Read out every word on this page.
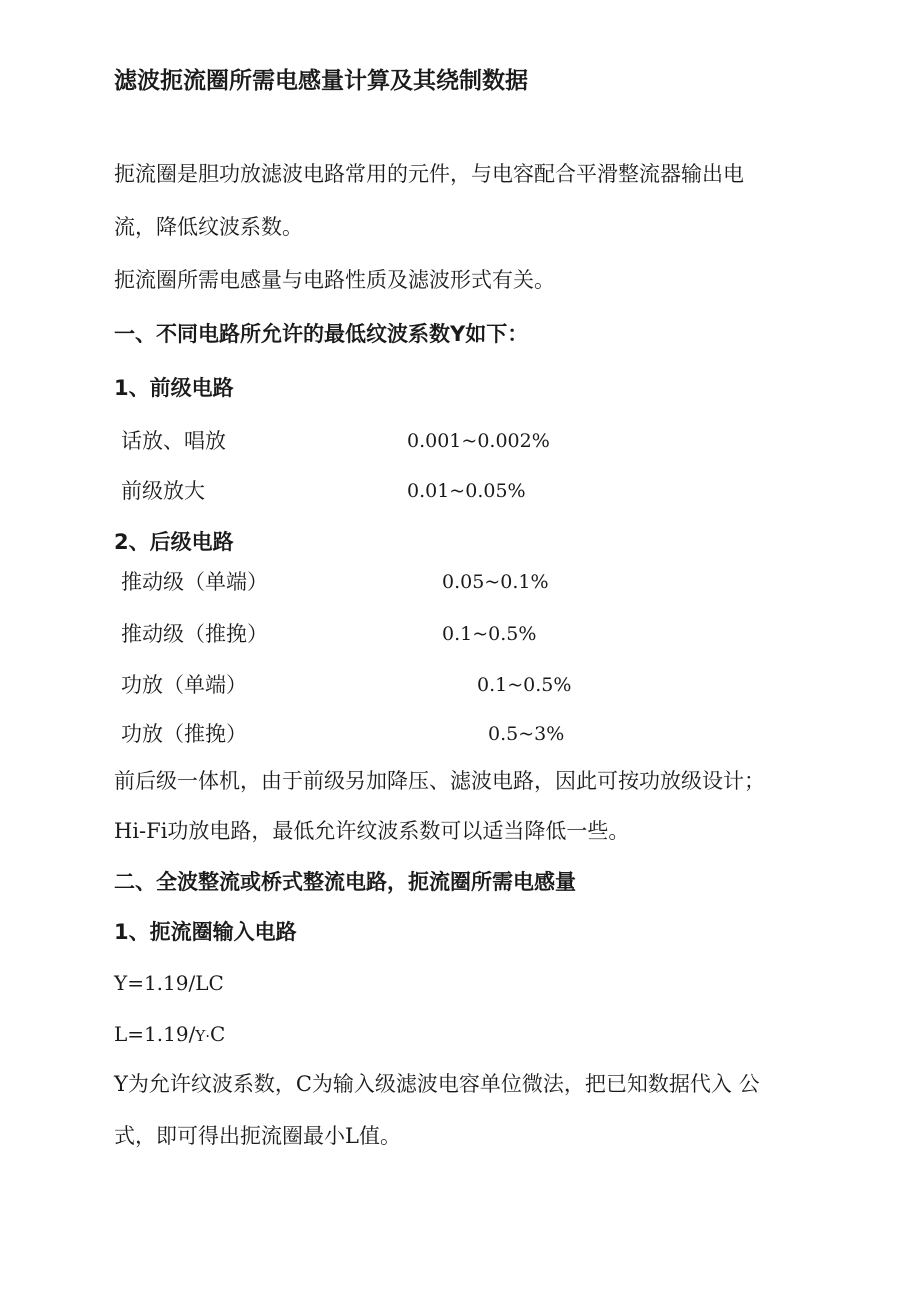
滤波扼流圈所需电感量计算及其绕制数据
扼流圈是胆功放滤波电路常用的元件，与电容配合平滑整流器输出电
流，降低纹波系数。
扼流圈所需电感量与电路性质及滤波形式有关。
一、不同电路所允许的最低纹波系数Y如下：
1、前级电路
话放、唱放	0.001~0.002%
前级放大	0.01~0.05%
2、后级电路
推动级（单端）	0.05~0.1%
推动级（推挽）	0.1~0.5%
功放（单端）	0.1~0.5%
功放（推挽）	0.5~3%
前后级一体机，由于前级另加降压、滤波电路，因此可按功放级设计；
Hi-Fi功放电路，最低允许纹波系数可以适当降低一些。
二、全波整流或桥式整流电路，扼流圈所需电感量
1、扼流圈输入电路
Y=1.19/LC
L=1.19/Y·C
Y为允许纹波系数，C为输入级滤波电容单位微法，把已知数据代入 公
式，即可得出扼流圈最小L值。
